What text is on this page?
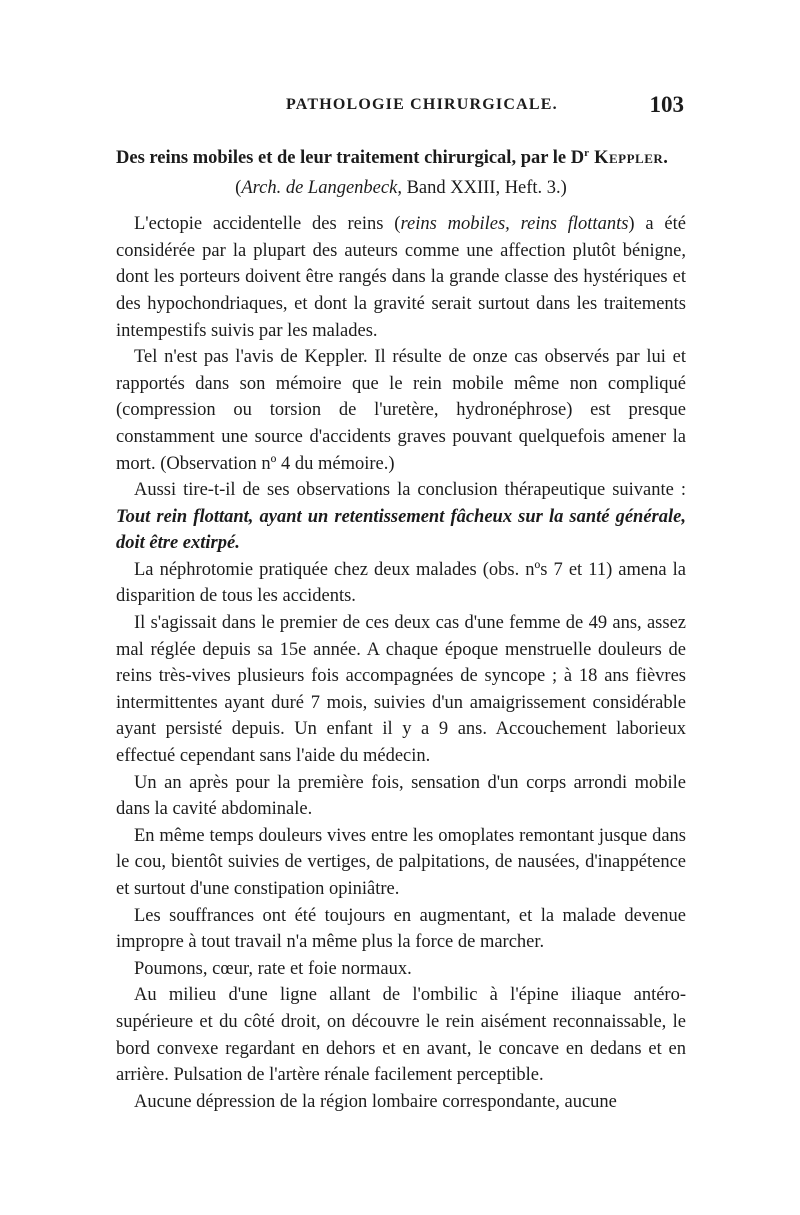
PATHOLOGIE CHIRURGICALE.	103
Des reins mobiles et de leur traitement chirurgical, par le $D^r$ Keppler.
(Arch. de Langenbeck, Band XXIII, Heft. 3.)

L'ectopie accidentelle des reins (reins mobiles, reins flottants) a été considérée par la plupart des auteurs comme une affection plutôt bénigne, dont les porteurs doivent être rangés dans la grande classe des hystériques et des hypochondriaques, et dont la gravité serait surtout dans les traitements intempestifs suivis par les malades.

Tel n'est pas l'avis de Keppler. Il résulte de onze cas observés par lui et rapportés dans son mémoire que le rein mobile même non compliqué (compression ou torsion de l'uretère, hydronéphrose) est presque constamment une source d'accidents graves pouvant quelquefois amener la mort. (Observation nº 4 du mémoire.)

Aussi tire-t-il de ses observations la conclusion thérapeutique suivante : Tout rein flottant, ayant un retentissement fâcheux sur la santé générale, doit être extirpé.

La néphrotomie pratiquée chez deux malades (obs. nºs 7 et 11) amena la disparition de tous les accidents.

Il s'agissait dans le premier de ces deux cas d'une femme de 49 ans, assez mal réglée depuis sa 15e année. A chaque époque menstruelle douleurs de reins très-vives plusieurs fois accompagnées de syncope ; à 18 ans fièvres intermittentes ayant duré 7 mois, suivies d'un amaigrissement considérable ayant persisté depuis. Un enfant il y a 9 ans. Accouchement laborieux effectué cependant sans l'aide du médecin.

Un an après pour la première fois, sensation d'un corps arrondi mobile dans la cavité abdominale.

En même temps douleurs vives entre les omoplates remontant jusque dans le cou, bientôt suivies de vertiges, de palpitations, de nausées, d'inappétence et surtout d'une constipation opiniâtre.

Les souffrances ont été toujours en augmentant, et la malade devenue impropre à tout travail n'a même plus la force de marcher.

Poumons, cœur, rate et foie normaux.

Au milieu d'une ligne allant de l'ombilic à l'épine iliaque antéro-supérieure et du côté droit, on découvre le rein aisément reconnaissable, le bord convexe regardant en dehors et en avant, le concave en dedans et en arrière. Pulsation de l'artère rénale facilement perceptible.

Aucune dépression de la région lombaire correspondante, aucune
